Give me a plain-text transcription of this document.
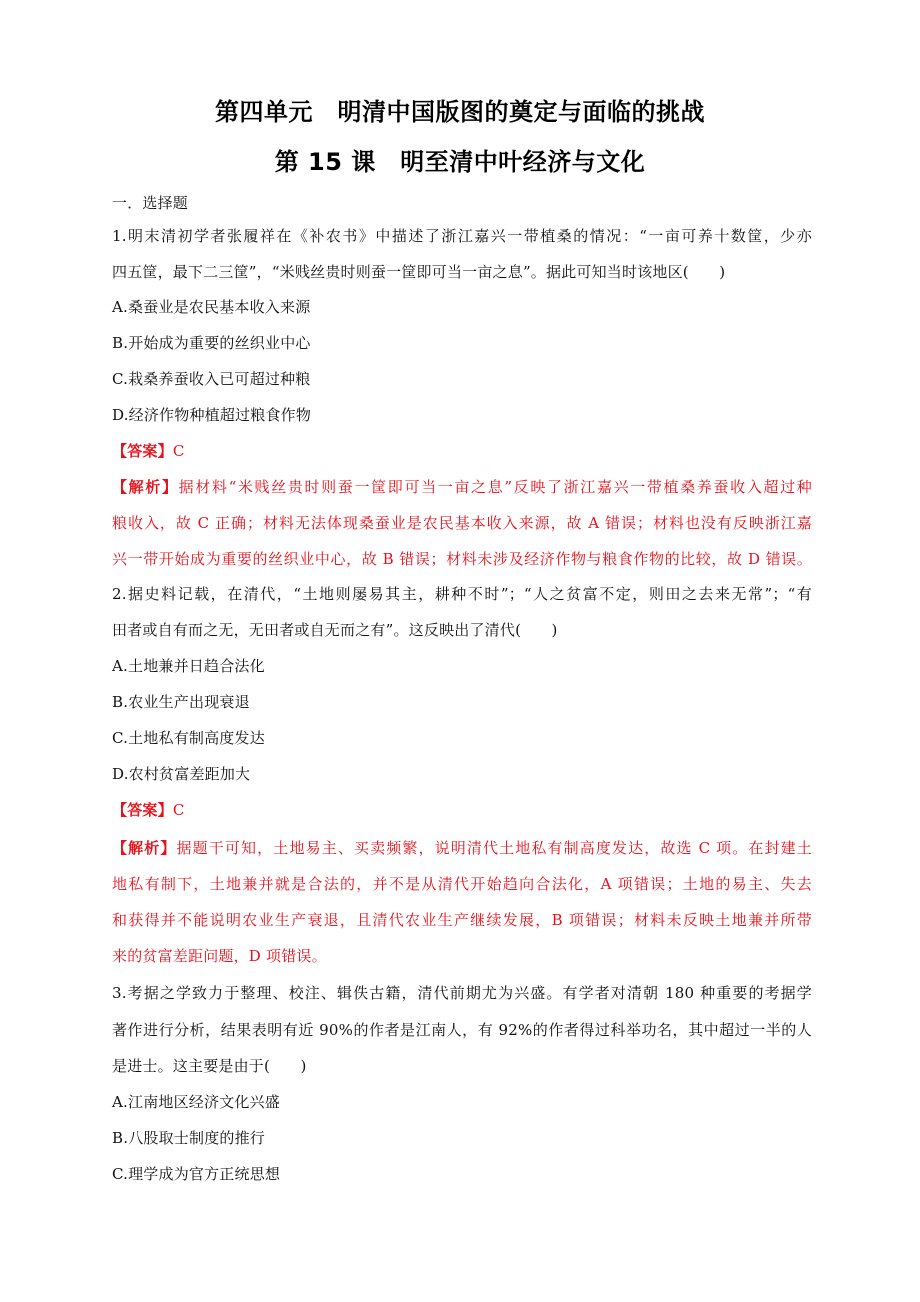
第四单元　明清中国版图的奠定与面临的挑战
第 15 课　明至清中叶经济与文化
一．选择题
1.明末清初学者张履祥在《补农书》中描述了浙江嘉兴一带植桑的情况：“一亩可养十数筐，少亦
四五筐，最下二三筐”，“米贱丝贵时则蚕一筐即可当一亩之息”。据此可知当时该地区(　　)
A.桑蚕业是农民基本收入来源
B.开始成为重要的丝织业中心
C.栽桑养蚕收入已可超过种粮
D.经济作物种植超过粮食作物
【答案】C
【解析】据材料“米贱丝贵时则蚕一筐即可当一亩之息”反映了浙江嘉兴一带植桑养蚕收入超过种
粮收入，故 C 正确；材料无法体现桑蚕业是农民基本收入来源，故 A 错误；材料也没有反映浙江嘉
兴一带开始成为重要的丝织业中心，故 B 错误；材料未涉及经济作物与粮食作物的比较，故 D 错误。
2.据史料记载，在清代，“土地则屡易其主，耕种不时”；“人之贫富不定，则田之去来无常”；“有
田者或自有而之无，无田者或自无而之有”。这反映出了清代(　　)
A.土地兼并日趋合法化
B.农业生产出现衰退
C.土地私有制高度发达
D.农村贫富差距加大
【答案】C
【解析】据题干可知，土地易主、买卖频繁，说明清代土地私有制高度发达，故选 C 项。在封建土
地私有制下，土地兼并就是合法的，并不是从清代开始趋向合法化，A 项错误；土地的易主、失去
和获得并不能说明农业生产衰退，且清代农业生产继续发展，B 项错误；材料未反映土地兼并所带
来的贫富差距问题，D 项错误。
3.考据之学致力于整理、校注、辑佚古籍，清代前期尤为兴盛。有学者对清朝 180 种重要的考据学
著作进行分析，结果表明有近 90%的作者是江南人，有 92%的作者得过科举功名，其中超过一半的人
是进士。这主要是由于(　　)
A.江南地区经济文化兴盛
B.八股取士制度的推行
C.理学成为官方正统思想
